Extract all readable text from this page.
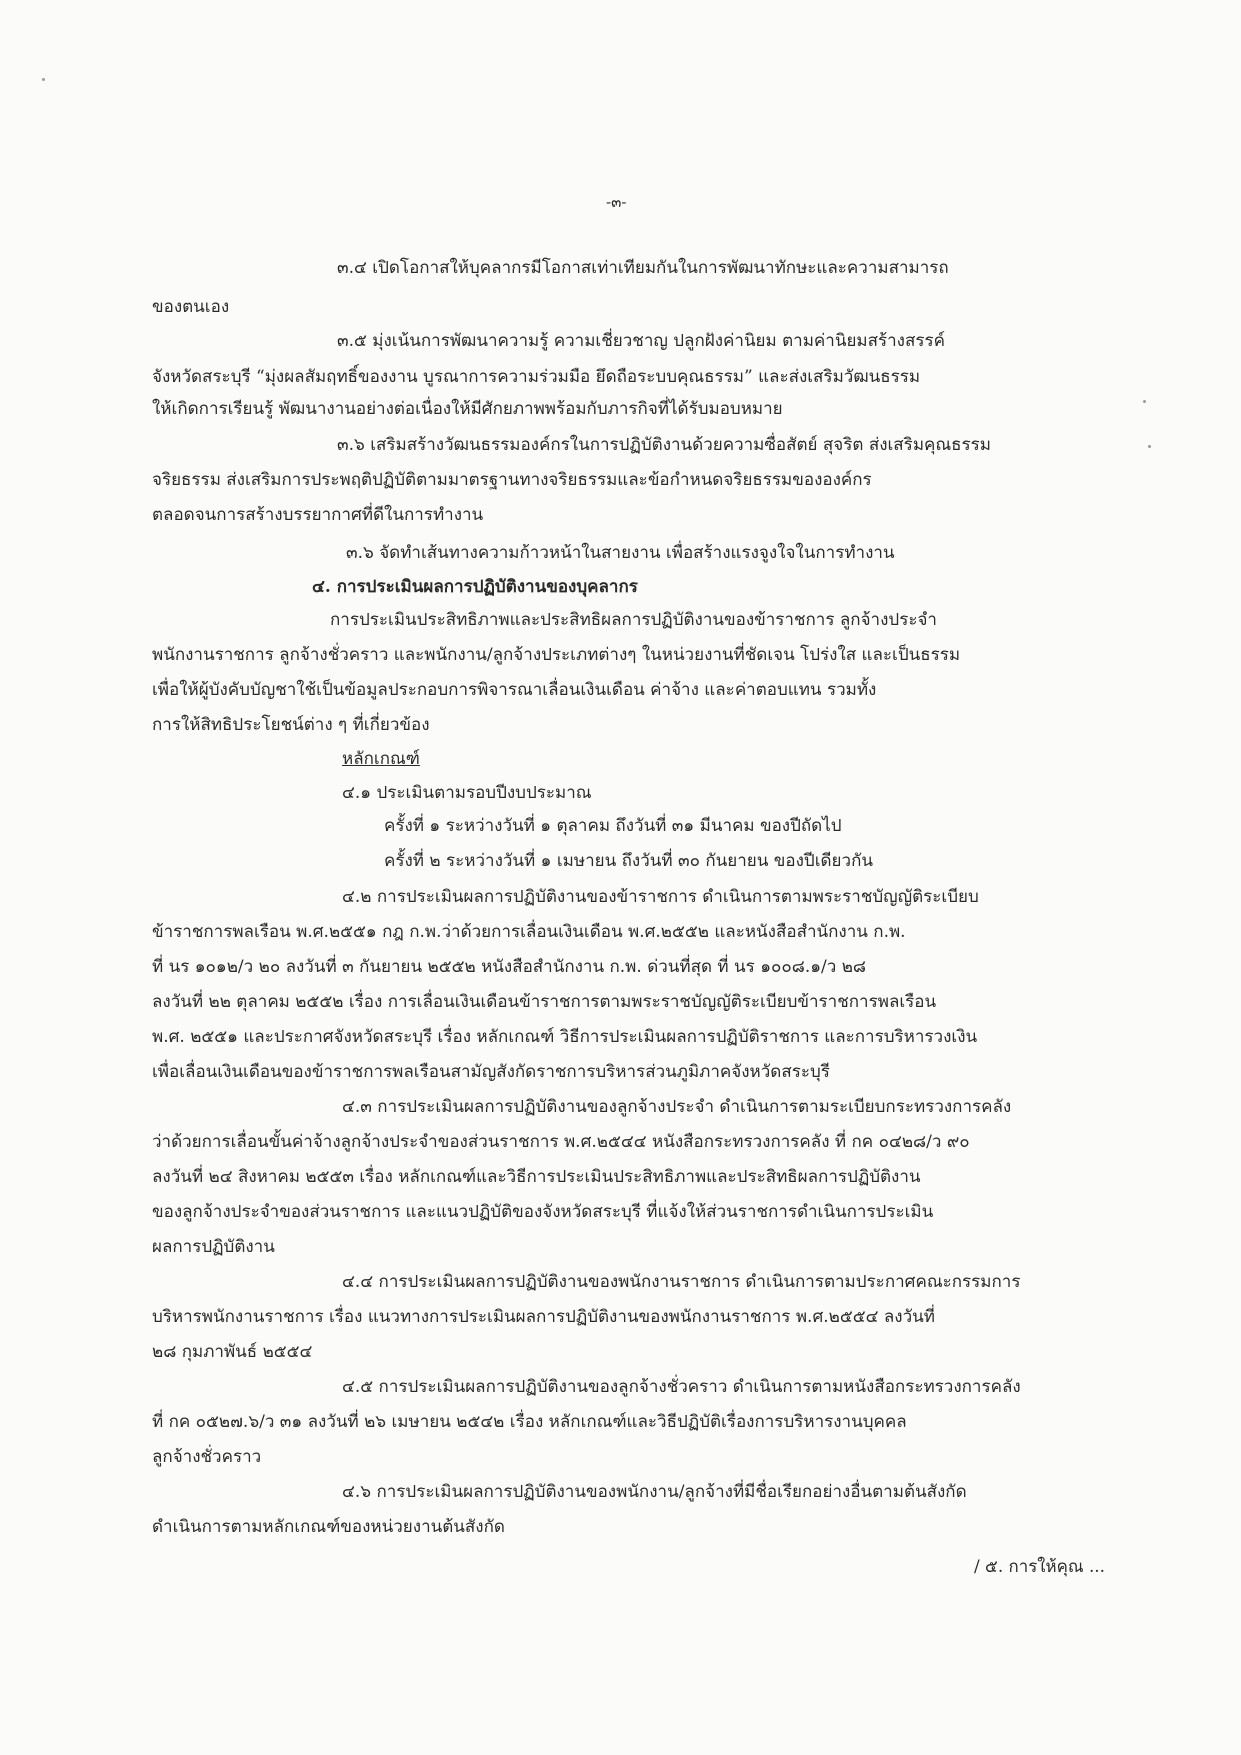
-๓-
๓.๔ เปิดโอกาสให้บุคลากรมีโอกาสเท่าเทียมกันในการพัฒนาทักษะและความสามารถ
ของตนเอง
๓.๕ มุ่งเน้นการพัฒนาความรู้ ความเชี่ยวชาญ ปลูกฝังค่านิยม ตามค่านิยมสร้างสรรค์
จังหวัดสระบุรี “มุ่งผลสัมฤทธิ์ของงาน บูรณาการความร่วมมือ ยึดถือระบบคุณธรรม” และส่งเสริมวัฒนธรรม
ให้เกิดการเรียนรู้ พัฒนางานอย่างต่อเนื่องให้มีศักยภาพพร้อมกับภารกิจที่ได้รับมอบหมาย
๓.๖ เสริมสร้างวัฒนธรรมองค์กรในการปฏิบัติงานด้วยความซื่อสัตย์ สุจริต ส่งเสริมคุณธรรม
จริยธรรม ส่งเสริมการประพฤติปฏิบัติตามมาตรฐานทางจริยธรรมและข้อกำหนดจริยธรรมขององค์กร
ตลอดจนการสร้างบรรยากาศที่ดีในการทำงาน
๓.๖ จัดทำเส้นทางความก้าวหน้าในสายงาน เพื่อสร้างแรงจูงใจในการทำงาน
๔. การประเมินผลการปฏิบัติงานของบุคลากร
การประเมินประสิทธิภาพและประสิทธิผลการปฏิบัติงานของข้าราชการ ลูกจ้างประจำ
พนักงานราชการ ลูกจ้างชั่วคราว และพนักงาน/ลูกจ้างประเภทต่างๆ ในหน่วยงานที่ชัดเจน โปร่งใส และเป็นธรรม
เพื่อให้ผู้บังคับบัญชาใช้เป็นข้อมูลประกอบการพิจารณาเลื่อนเงินเดือน ค่าจ้าง และค่าตอบแทน รวมทั้ง
การให้สิทธิประโยชน์ต่าง ๆ ที่เกี่ยวข้อง
หลักเกณฑ์
๔.๑ ประเมินตามรอบปีงบประมาณ
ครั้งที่ ๑ ระหว่างวันที่ ๑ ตุลาคม ถึงวันที่ ๓๑ มีนาคม ของปีถัดไป
ครั้งที่ ๒ ระหว่างวันที่ ๑ เมษายน ถึงวันที่ ๓๐ กันยายน ของปีเดียวกัน
๔.๒ การประเมินผลการปฏิบัติงานของข้าราชการ ดำเนินการตามพระราชบัญญัติระเบียบ
ข้าราชการพลเรือน พ.ศ.๒๕๕๑ กฎ ก.พ.ว่าด้วยการเลื่อนเงินเดือน พ.ศ.๒๕๕๒ และหนังสือสำนักงาน ก.พ.
ที่ นร ๑๐๑๒/ว ๒๐ ลงวันที่ ๓ กันยายน ๒๕๕๒ หนังสือสำนักงาน ก.พ. ด่วนที่สุด ที่ นร ๑๐๐๘.๑/ว ๒๘
ลงวันที่ ๒๒ ตุลาคม ๒๕๕๒ เรื่อง การเลื่อนเงินเดือนข้าราชการตามพระราชบัญญัติระเบียบข้าราชการพลเรือน
พ.ศ. ๒๕๕๑ และประกาศจังหวัดสระบุรี เรื่อง หลักเกณฑ์ วิธีการประเมินผลการปฏิบัติราชการ และการบริหารวงเงิน
เพื่อเลื่อนเงินเดือนของข้าราชการพลเรือนสามัญสังกัดราชการบริหารส่วนภูมิภาคจังหวัดสระบุรี
๔.๓ การประเมินผลการปฏิบัติงานของลูกจ้างประจำ ดำเนินการตามระเบียบกระทรวงการคลัง
ว่าด้วยการเลื่อนขั้นค่าจ้างลูกจ้างประจำของส่วนราชการ พ.ศ.๒๕๔๔ หนังสือกระทรวงการคลัง ที่ กค ๐๔๒๘/ว ๙๐
ลงวันที่ ๒๔ สิงหาคม ๒๕๕๓ เรื่อง หลักเกณฑ์และวิธีการประเมินประสิทธิภาพและประสิทธิผลการปฏิบัติงาน
ของลูกจ้างประจำของส่วนราชการ และแนวปฏิบัติของจังหวัดสระบุรี ที่แจ้งให้ส่วนราชการดำเนินการประเมิน
ผลการปฏิบัติงาน
๔.๔ การประเมินผลการปฏิบัติงานของพนักงานราชการ ดำเนินการตามประกาศคณะกรรมการ
บริหารพนักงานราชการ เรื่อง แนวทางการประเมินผลการปฏิบัติงานของพนักงานราชการ พ.ศ.๒๕๕๔ ลงวันที่
๒๘ กุมภาพันธ์ ๒๕๕๔
๔.๕ การประเมินผลการปฏิบัติงานของลูกจ้างชั่วคราว ดำเนินการตามหนังสือกระทรวงการคลัง
ที่ กค ๐๕๒๗.๖/ว ๓๑ ลงวันที่ ๒๖ เมษายน ๒๕๔๒ เรื่อง หลักเกณฑ์และวิธีปฏิบัติเรื่องการบริหารงานบุคคล
ลูกจ้างชั่วคราว
๔.๖ การประเมินผลการปฏิบัติงานของพนักงาน/ลูกจ้างที่มีชื่อเรียกอย่างอื่นตามต้นสังกัด
ดำเนินการตามหลักเกณฑ์ของหน่วยงานต้นสังกัด
/ ๕. การให้คุณ ...
